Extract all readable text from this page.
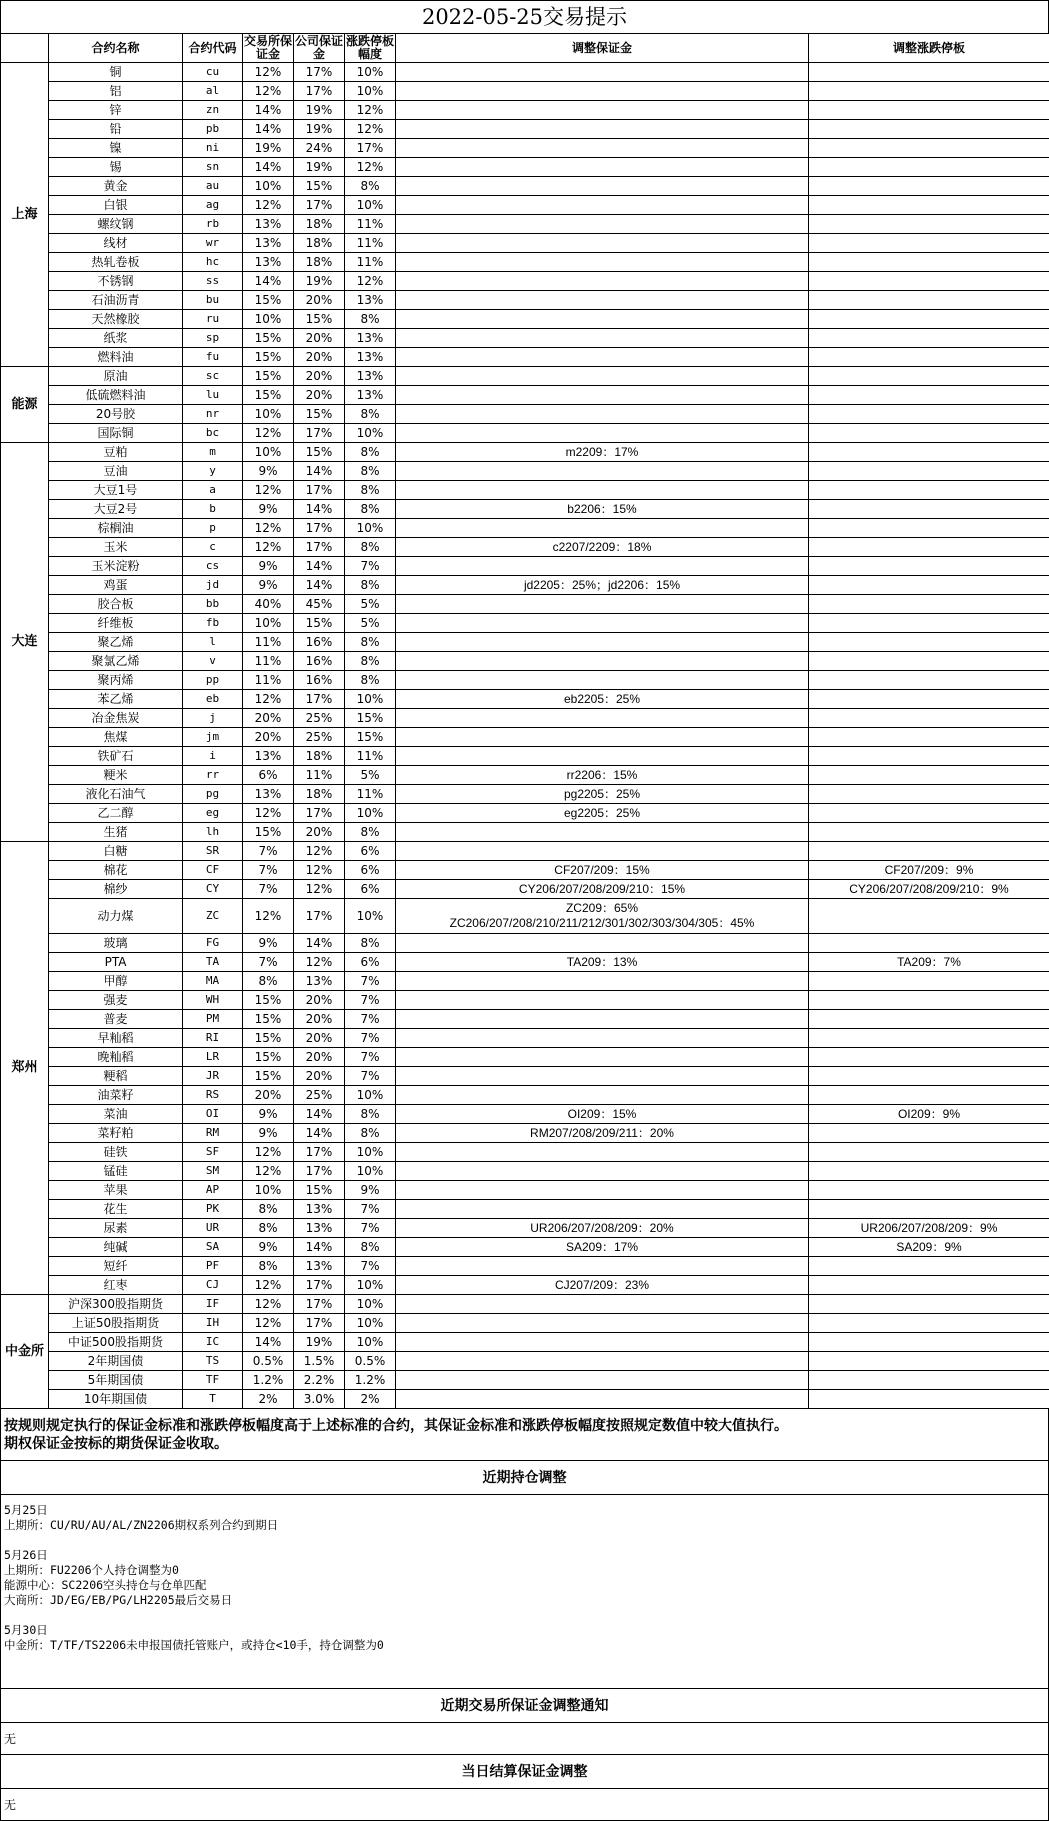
2022-05-25交易提示
	合约名称	合约代码	交易所保证金	公司保证金	涨跌停板幅度	调整保证金	调整涨跌停板
上海	铜	cu	12%	17%	10%		
	铝	al	12%	17%	10%		
	锌	zn	14%	19%	12%		
	铅	pb	14%	19%	12%		
	镍	ni	19%	24%	17%		
	锡	sn	14%	19%	12%		
	黄金	au	10%	15%	8%		
	白银	ag	12%	17%	10%		
	螺纹钢	rb	13%	18%	11%		
	线材	wr	13%	18%	11%		
	热轧卷板	hc	13%	18%	11%		
	不锈钢	ss	14%	19%	12%		
	石油沥青	bu	15%	20%	13%		
	天然橡胶	ru	10%	15%	8%		
	纸浆	sp	15%	20%	13%		
	燃料油	fu	15%	20%	13%		
能源	原油	sc	15%	20%	13%		
	低硫燃料油	lu	15%	20%	13%		
	20号胶	nr	10%	15%	8%		
	国际铜	bc	12%	17%	10%		
大连	豆粕	m	10%	15%	8%	m2209：17%	

	豆油	y	9%	14%	8%		
	大豆1号	a	12%	17%	8%		
	大豆2号	b	9%	14%	8%	b2206：15%	

	棕榈油	p	12%	17%	10%		
	玉米	c	12%	17%	8%	c2207/2209：18%	

	玉米淀粉	cs	9%	14%	7%		
	鸡蛋	jd	9%	14%	8%	jd2205：25%；jd2206：15%	

	胶合板	bb	40%	45%	5%		
	纤维板	fb	10%	15%	5%		
	聚乙烯	l	11%	16%	8%		
	聚氯乙烯	v	11%	16%	8%		
	聚丙烯	pp	11%	16%	8%		
	苯乙烯	eb	12%	17%	10%	eb2205：25%	

	冶金焦炭	j	20%	25%	15%		
	焦煤	jm	20%	25%	15%		
	铁矿石	i	13%	18%	11%		
	粳米	rr	6%	11%	5%	rr2206：15%	

	液化石油气	pg	13%	18%	11%	pg2205：25%	

	乙二醇	eg	12%	17%	10%	eg2205：25%	

	生猪	lh	15%	20%	8%		
郑州	白糖	SR	7%	12%	6%		
	棉花	CF	7%	12%	6%	CF207/209：15%	CF207/209：9%

	棉纱	CY	7%	12%	6%	CY206/207/208/209/210：15%	CY206/207/208/209/210：9%

	动力煤	ZC	12%	17%	10%	ZC209：65%
ZC206/207/208/210/211/212/301/302/303/304/305：45%	

	玻璃	FG	9%	14%	8%		
	PTA	TA	7%	12%	6%	TA209：13%	TA209：7%

	甲醇	MA	8%	13%	7%		
	强麦	WH	15%	20%	7%		
	普麦	PM	15%	20%	7%		
	早籼稻	RI	15%	20%	7%		
	晚籼稻	LR	15%	20%	7%		
	粳稻	JR	15%	20%	7%		
	油菜籽	RS	20%	25%	10%		
	菜油	OI	9%	14%	8%	OI209：15%	OI209：9%

	菜籽粕	RM	9%	14%	8%	RM207/208/209/211：20%	

	硅铁	SF	12%	17%	10%		
	锰硅	SM	12%	17%	10%		
	苹果	AP	10%	15%	9%		
	花生	PK	8%	13%	7%		
	尿素	UR	8%	13%	7%	UR206/207/208/209：20%	UR206/207/208/209：9%

	纯碱	SA	9%	14%	8%	SA209：17%	SA209：9%

	短纤	PF	8%	13%	7%		
	红枣	CJ	12%	17%	10%	CJ207/209：23%	

中金所	沪深300股指期货	IF	12%	17%	10%		
	上证50股指期货	IH	12%	17%	10%		
	中证500股指期货	IC	14%	19%	10%		
	2年期国债	TS	0.5%	1.5%	0.5%		
	5年期国债	TF	1.2%	2.2%	1.2%		
	10年期国债	T	2%	3.0%	2%		
按规则规定执行的保证金标准和涨跌停板幅度高于上述标准的合约，其保证金标准和涨跌停板幅度按照规定数值中较大值执行。
期权保证金按标的期货保证金收取。
近期持仓调整
5月25日
上期所：CU/RU/AU/AL/ZN2206期权系列合约到期日
5月26日
上期所：FU2206个人持仓调整为0
能源中心：SC2206空头持仓与仓单匹配
大商所：JD/EG/EB/PG/LH2205最后交易日
5月30日
中金所：T/TF/TS2206未申报国债托管账户，或持仓<10手，持仓调整为0
近期交易所保证金调整通知
无
当日结算保证金调整
无
